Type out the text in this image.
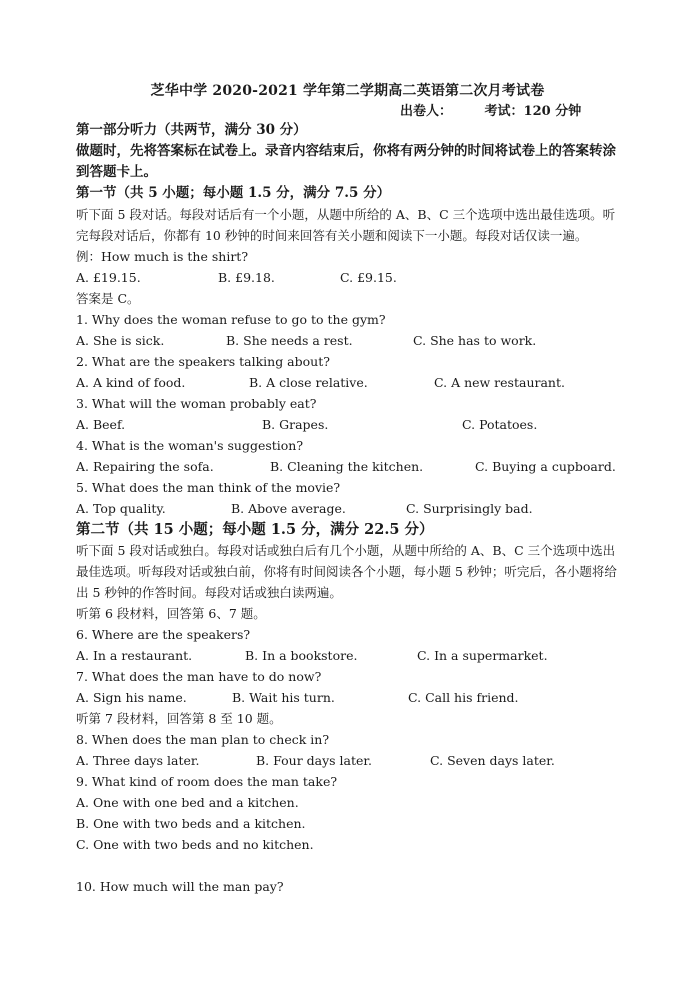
芝华中学 2020-2021 学年第二学期高二英语第二次月考试卷
出卷人：	考试：120 分钟
第一部分听力（共两节，满分 30 分）
做题时，先将答案标在试卷上。录音内容结束后，你将有两分钟的时间将试卷上的答案转涂到答题卡上。
第一节（共 5 小题；每小题 1.5 分，满分 7.5 分）
听下面 5 段对话。每段对话后有一个小题，从题中所给的 A、B、C 三个选项中选出最佳选项。听完每段对话后，你都有 10 秒钟的时间来回答有关小题和阅读下一小题。每段对话仅读一遍。
例：How much is the shirt?
A. £19.15.	B. £9.18.	C. £9.15.
答案是 C。
1. Why does the woman refuse to go to the gym?
A. She is sick.	B. She needs a rest.	C. She has to work.
2. What are the speakers talking about?
A. A kind of food.	B. A close relative.	C. A new restaurant.
3. What will the woman probably eat?
A. Beef.	B. Grapes.	C. Potatoes.
4. What is the woman's suggestion?
A. Repairing the sofa.	B. Cleaning the kitchen.	C. Buying a cupboard.
5. What does the man think of the movie?
A. Top quality.	B. Above average.	C. Surprisingly bad.
第二节（共 15 小题；每小题 1.5 分，满分 22.5 分）
听下面 5 段对话或独白。每段对话或独白后有几个小题，从题中所给的 A、B、C 三个选项中选出最佳选项。听每段对话或独白前，你将有时间阅读各个小题，每小题 5 秒钟；听完后，各小题将给出 5 秒钟的作答时间。每段对话或独白读两遍。
听第 6 段材料，回答第 6、7 题。
6. Where are the speakers?
A. In a restaurant.	B. In a bookstore.	C. In a supermarket.
7. What does the man have to do now?
A. Sign his name.	B. Wait his turn.	C. Call his friend.
听第 7 段材料，回答第 8 至 10 题。
8. When does the man plan to check in?
A. Three days later.	B. Four days later.	C. Seven days later.
9. What kind of room does the man take?
A. One with one bed and a kitchen.
B. One with two beds and a kitchen.
C. One with two beds and no kitchen.
10. How much will the man pay?
